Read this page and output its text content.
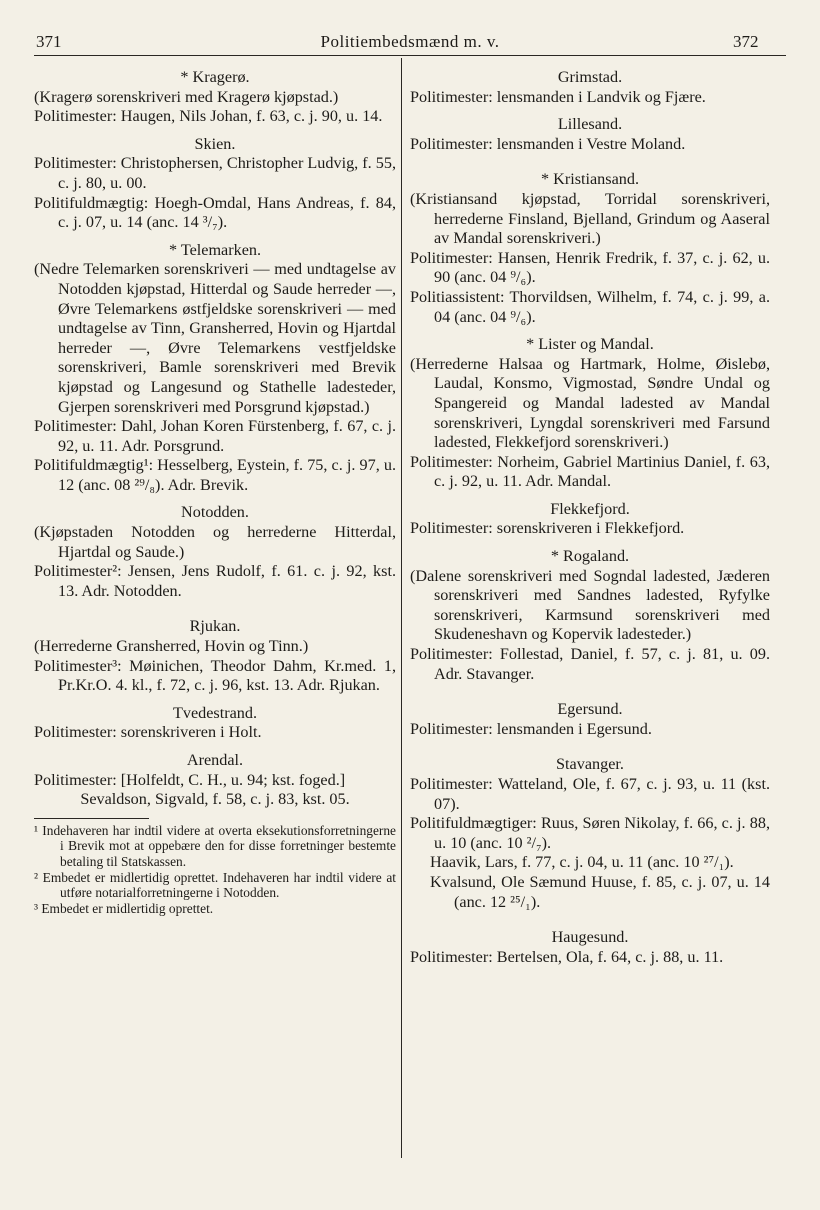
371	Politiembedsmænd m. v.	372
* Kragerø.
(Kragerø sorenskriveri med Kragerø kjøpstad.)
Politimester: Haugen, Nils Johan, f. 63, c. j. 90, u. 14.
Skien.
Politimester: Christophersen, Christopher Ludvig, f. 55, c. j. 80, u. 00.
Politifuldmægtig: Hoegh-Omdal, Hans Andreas, f. 84, c. j. 07, u. 14 (anc. 14 ³/₇).
* Telemarken.
(Nedre Telemarken sorenskriveri — med undtagelse av Notodden kjøpstad, Hitterdal og Saude herreder —, Øvre Telemarkens østfjeldske sorenskriveri — med undtagelse av Tinn, Gransherred, Hovin og Hjartdal herreder —, Øvre Telemarkens vestfjeldske sorenskriveri, Bamle sorenskriveri med Brevik kjøpstad og Langesund og Stathelle ladesteder, Gjerpen sorenskriveri med Porsgrund kjøpstad.)
Politimester: Dahl, Johan Koren Fürstenberg, f. 67, c. j. 92, u. 11. Adr. Porsgrund.
Politifuldmægtig¹: Hesselberg, Eystein, f. 75, c. j. 97, u. 12 (anc. 08 ²⁹/₈). Adr. Brevik.
Notodden.
(Kjøpstaden Notodden og herrederne Hitterdal, Hjartdal og Saude.)
Politimester²: Jensen, Jens Rudolf, f. 61. c. j. 92, kst. 13. Adr. Notodden.
Rjukan.
(Herrederne Gransherred, Hovin og Tinn.)
Politimester³: Møinichen, Theodor Dahm, Kr.med. 1, Pr.Kr.O. 4. kl., f. 72, c. j. 96, kst. 13. Adr. Rjukan.
Tvedestrand.
Politimester: sorenskriveren i Holt.
Arendal.
Politimester: [Holfeldt, C. H., u. 94; kst. foged.]
Sevaldson, Sigvald, f. 58, c. j. 83, kst. 05.
¹ Indehaveren har indtil videre at overta eksekutionsforretningerne i Brevik mot at oppebære den for disse forretninger bestemte betaling til Statskassen.
² Embedet er midlertidig oprettet. Indehaveren har indtil videre at utføre notarialforretningerne i Notodden.
³ Embedet er midlertidig oprettet.
Grimstad.
Politimester: lensmanden i Landvik og Fjære.
Lillesand.
Politimester: lensmanden i Vestre Moland.
* Kristiansand.
(Kristiansand kjøpstad, Torridal sorenskriveri, herrederne Finsland, Bjelland, Grindum og Aaseral av Mandal sorenskriveri.)
Politimester: Hansen, Henrik Fredrik, f. 37, c. j. 62, u. 90 (anc. 04 ⁹/₆).
Politiassistent: Thorvildsen, Wilhelm, f. 74, c. j. 99, a. 04 (anc. 04 ⁹/₆).
* Lister og Mandal.
(Herrederne Halsaa og Hartmark, Holme, Øislebø, Laudal, Konsmo, Vigmostad, Søndre Undal og Spangereid og Mandal ladested av Mandal sorenskriveri, Lyngdal sorenskriveri med Farsund ladested, Flekkefjord sorenskriveri.)
Politimester: Norheim, Gabriel Martinius Daniel, f. 63, c. j. 92, u. 11. Adr. Mandal.
Flekkefjord.
Politimester: sorenskriveren i Flekkefjord.
* Rogaland.
(Dalene sorenskriveri med Sogndal ladested, Jæderen sorenskriveri med Sandnes ladested, Ryfylke sorenskriveri, Karmsund sorenskriveri med Skudeneshavn og Kopervik ladesteder.)
Politimester: Follestad, Daniel, f. 57, c. j. 81, u. 09. Adr. Stavanger.
Egersund.
Politimester: lensmanden i Egersund.
Stavanger.
Politimester: Watteland, Ole, f. 67, c. j. 93, u. 11 (kst. 07).
Politifuldmægtiger: Ruus, Søren Nikolay, f. 66, c. j. 88, u. 10 (anc. 10 ²/₇).
Haavik, Lars, f. 77, c. j. 04, u. 11 (anc. 10 ²⁷/₁).
Kvalsund, Ole Sæmund Huuse, f. 85, c. j. 07, u. 14 (anc. 12 ²⁵/₁).
Haugesund.
Politimester: Bertelsen, Ola, f. 64, c. j. 88, u. 11.
